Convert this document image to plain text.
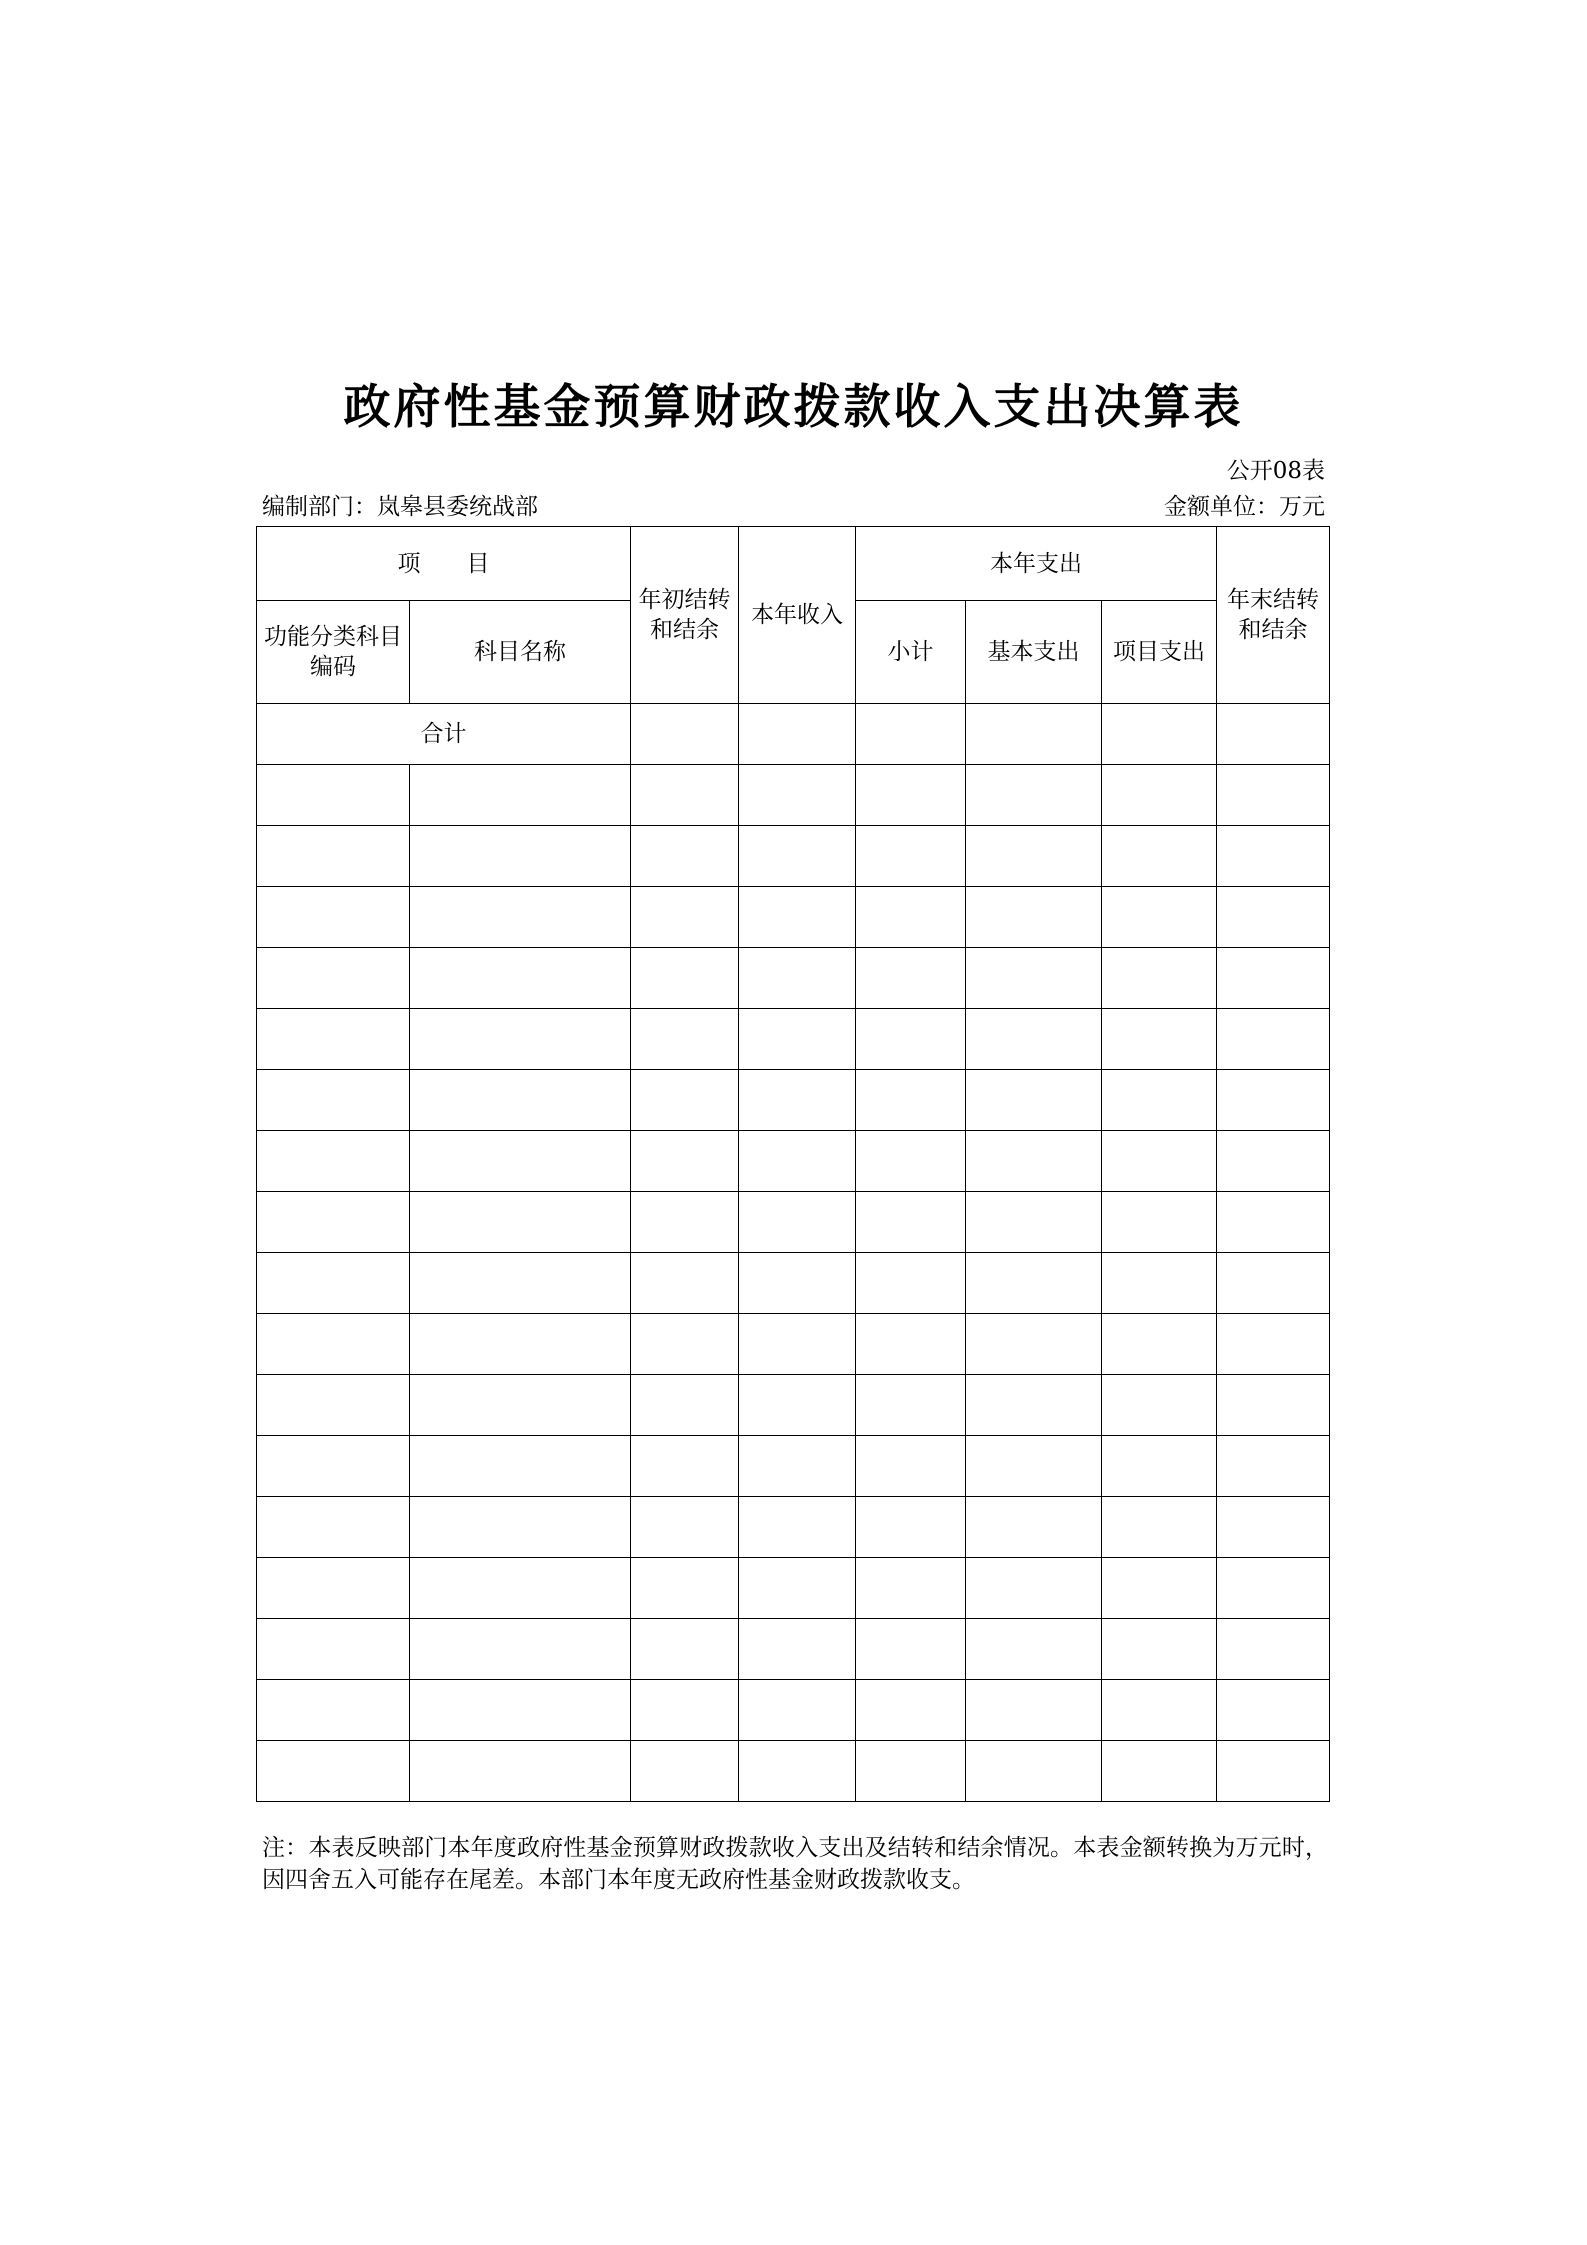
政府性基金预算财政拨款收入支出决算表
公开08表
编制部门：岚皋县委统战部	金额单位：万元
项　　目		年初结转和结余	本年收入	本年支出			年末结转和结余
功能分类科目编码	科目名称			小计	基本支出	项目支出	
合计							

注：本表反映部门本年度政府性基金预算财政拨款收入支出及结转和结余情况。本表金额转换为万元时，因四舍五入可能存在尾差。本部门本年度无政府性基金财政拨款收支。
